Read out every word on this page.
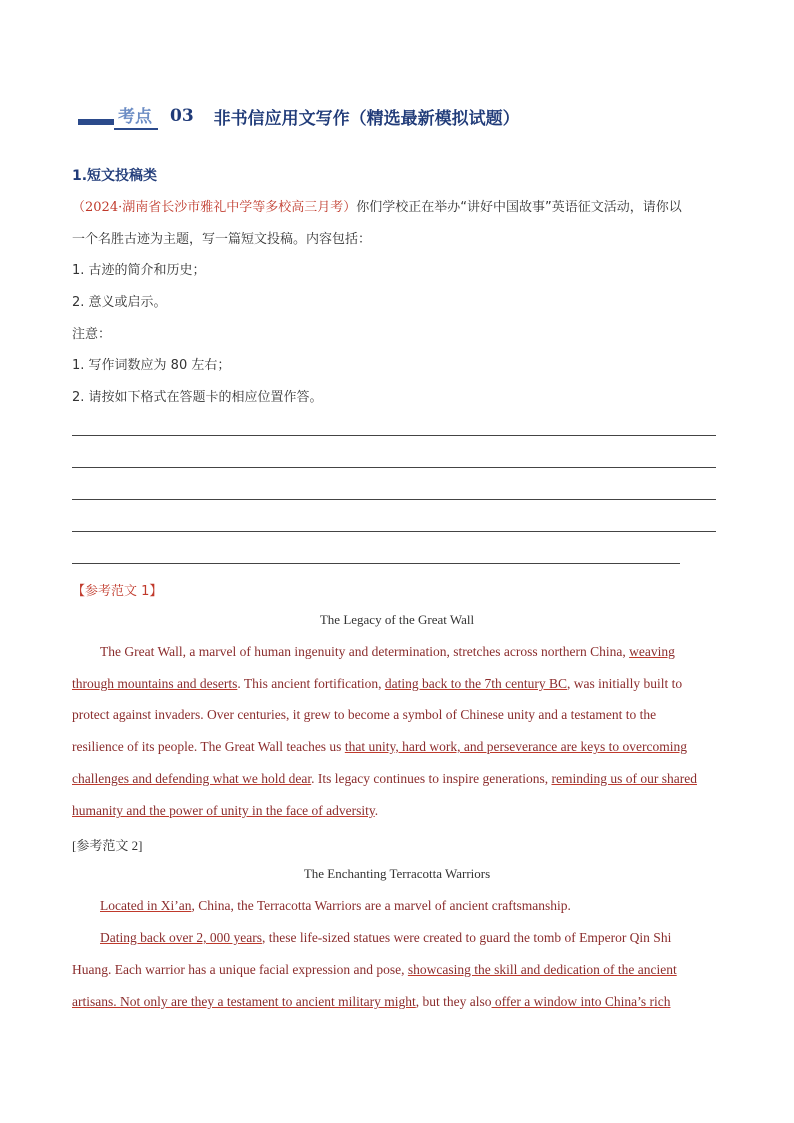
考点	03 非书信应用文写作（精选最新模拟试题）
1.短文投稿类
（2024·湖南省长沙市雅礼中学等多校高三月考）你们学校正在举办“讲好中国故事”英语征文活动，请你以
一个名胜古迹为主题，写一篇短文投稿。内容包括：
1. 古迹的简介和历史；
2. 意义或启示。
注意：
1. 写作词数应为 80 左右；
2. 请按如下格式在答题卡的相应位置作答。
【参考范文 1】
The Legacy of the Great Wall
The Great Wall, a marvel of human ingenuity and determination, stretches across northern China, weaving
through mountains and deserts. This ancient fortification, dating back to the 7th century BC, was initially built to
protect against invaders. Over centuries, it grew to become a symbol of Chinese unity and a testament to the
resilience of its people. The Great Wall teaches us that unity, hard work, and perseverance are keys to overcoming
challenges and defending what we hold dear. Its legacy continues to inspire generations, reminding us of our shared
humanity and the power of unity in the face of adversity.
[参考范文 2]
The Enchanting Terracotta Warriors
Located in Xi’an, China, the Terracotta Warriors are a marvel of ancient craftsmanship.
Dating back over 2, 000 years, these life-sized statues were created to guard the tomb of Emperor Qin Shi
Huang. Each warrior has a unique facial expression and pose, showcasing the skill and dedication of the ancient
artisans. Not only are they a testament to ancient military might, but they also offer a window into China’s rich
